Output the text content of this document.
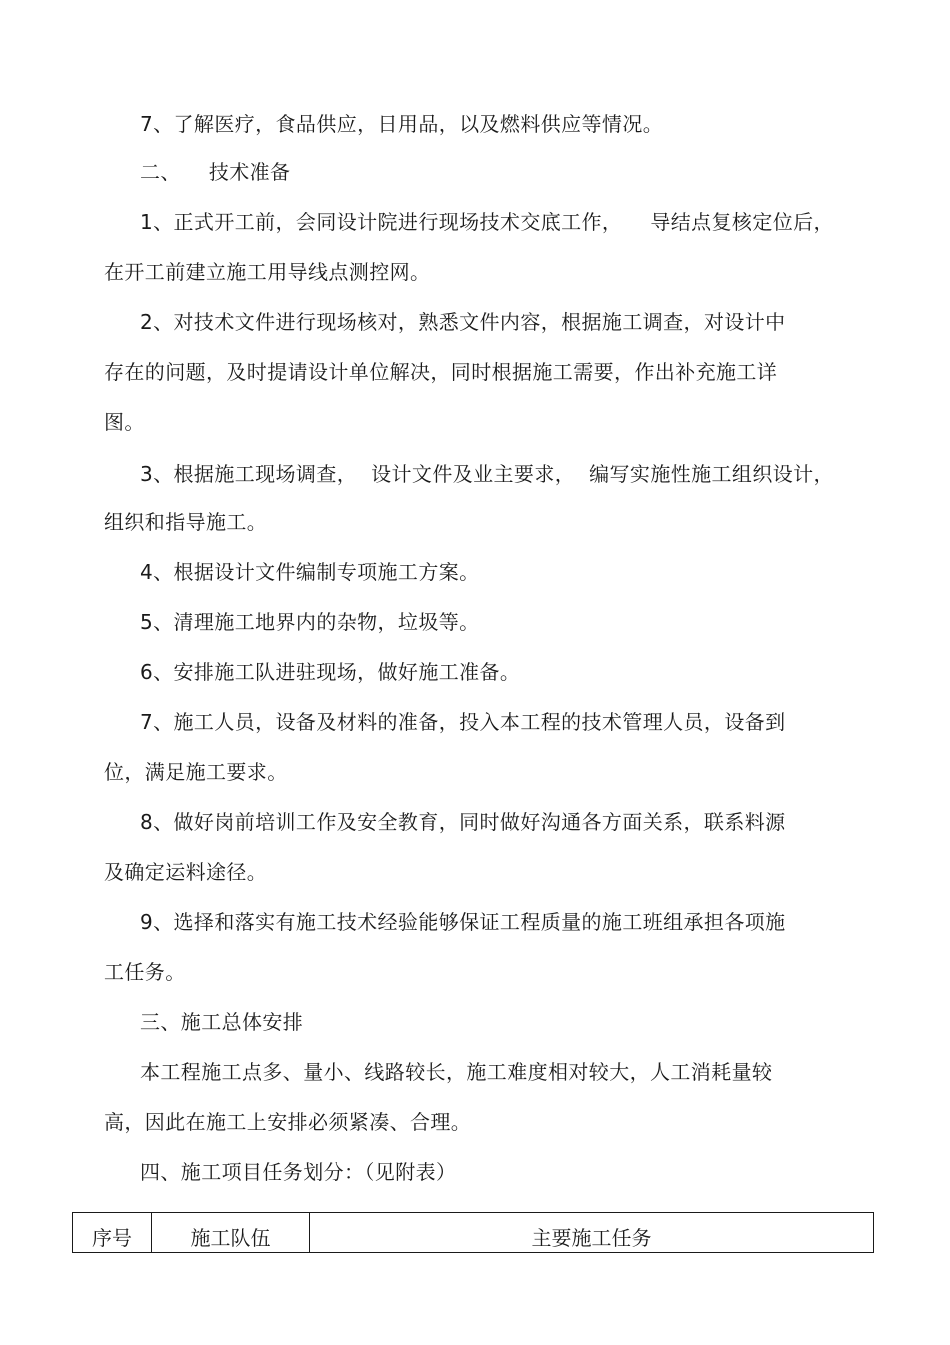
7、了解医疗，食品供应，日用品，以及燃料供应等情况。
二、 技术准备
1、正式开工前，会同设计院进行现场技术交底工作， 导结点复核定位后，
在开工前建立施工用导线点测控网。
2、对技术文件进行现场核对，熟悉文件内容，根据施工调查，对设计中
存在的问题，及时提请设计单位解决，同时根据施工需要，作出补充施工详
图。
3、根据施工现场调查， 设计文件及业主要求， 编写实施性施工组织设计，
组织和指导施工。
4、根据设计文件编制专项施工方案。
5、清理施工地界内的杂物，垃圾等。
6、安排施工队进驻现场，做好施工准备。
7、施工人员，设备及材料的准备，投入本工程的技术管理人员，设备到
位，满足施工要求。
8、做好岗前培训工作及安全教育，同时做好沟通各方面关系，联系料源
及确定运料途径。
9、选择和落实有施工技术经验能够保证工程质量的施工班组承担各项施
工任务。
三、施工总体安排
本工程施工点多、量小、线路较长，施工难度相对较大，人工消耗量较
高，因此在施工上安排必须紧凑、合理。
四、施工项目任务划分：（见附表）
序号	施工队伍	主要施工任务
